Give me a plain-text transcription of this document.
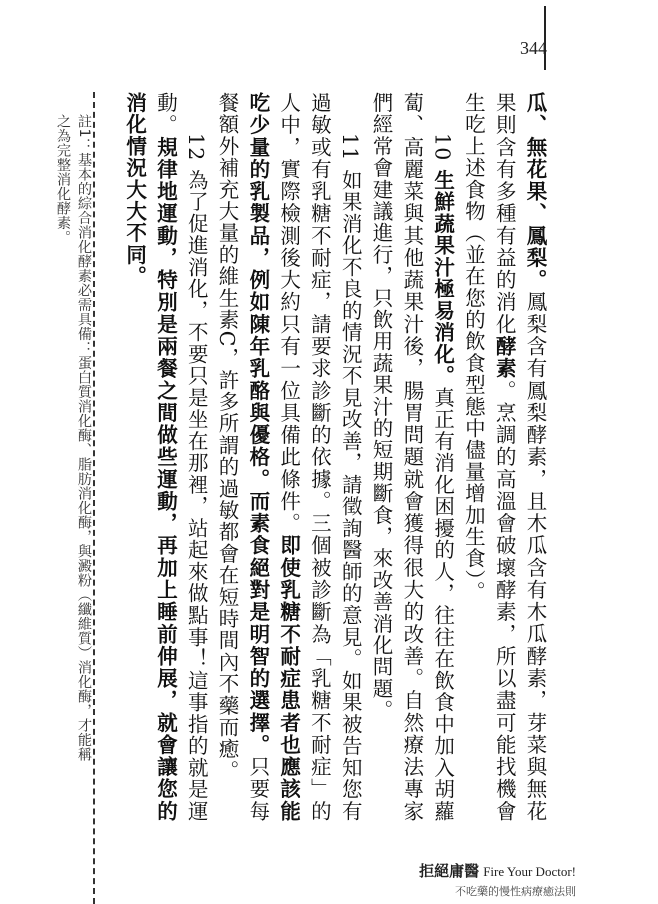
344

瓜、無花果、鳳梨。鳳梨含有鳳梨酵素，且木瓜含有木瓜酵素，芽菜與無花果則含有多種有益的消化酵素。烹調的高溫會破壞酵素，所以盡可能找機會生吃上述食物（並在您的飲食型態中儘量增加生食）。

10 生鮮蔬果汁極易消化。真正有消化困擾的人，往往在飲食中加入胡蘿蔔、高麗菜與其他蔬果汁後，腸胃問題就會獲得很大的改善。自然療法專家們經常會建議進行，只飲用蔬果汁的短期斷食，來改善消化問題。

11 如果消化不良的情況不見改善，請徵詢醫師的意見。如果被告知您有過敏或有乳糖不耐症，請要求診斷的依據。三個被診斷為「乳糖不耐症」的人中，實際檢測後大約只有一位具備此條件。即使乳糖不耐症患者也應該能吃少量的乳製品，例如陳年乳酪與優格。而素食絕對是明智的選擇。只要每餐額外補充大量的維生素C，許多所謂的過敏都會在短時間內不藥而癒。

12 為了促進消化，不要只是坐在那裡，站起來做點事！這事指的就是運動。規律地運動，特別是兩餐之間做些運動，再加上睡前伸展，就會讓您的消化情況大大不同。

註1：基本的綜合消化酵素必需具備：蛋白質消化酶、脂肪消化酶，與澱粉（纖維質）消化酶，才能稱之為完整消化酵素。
拒絕庸醫 Fire Your Doctor!
不吃藥的慢性病療癒法則
